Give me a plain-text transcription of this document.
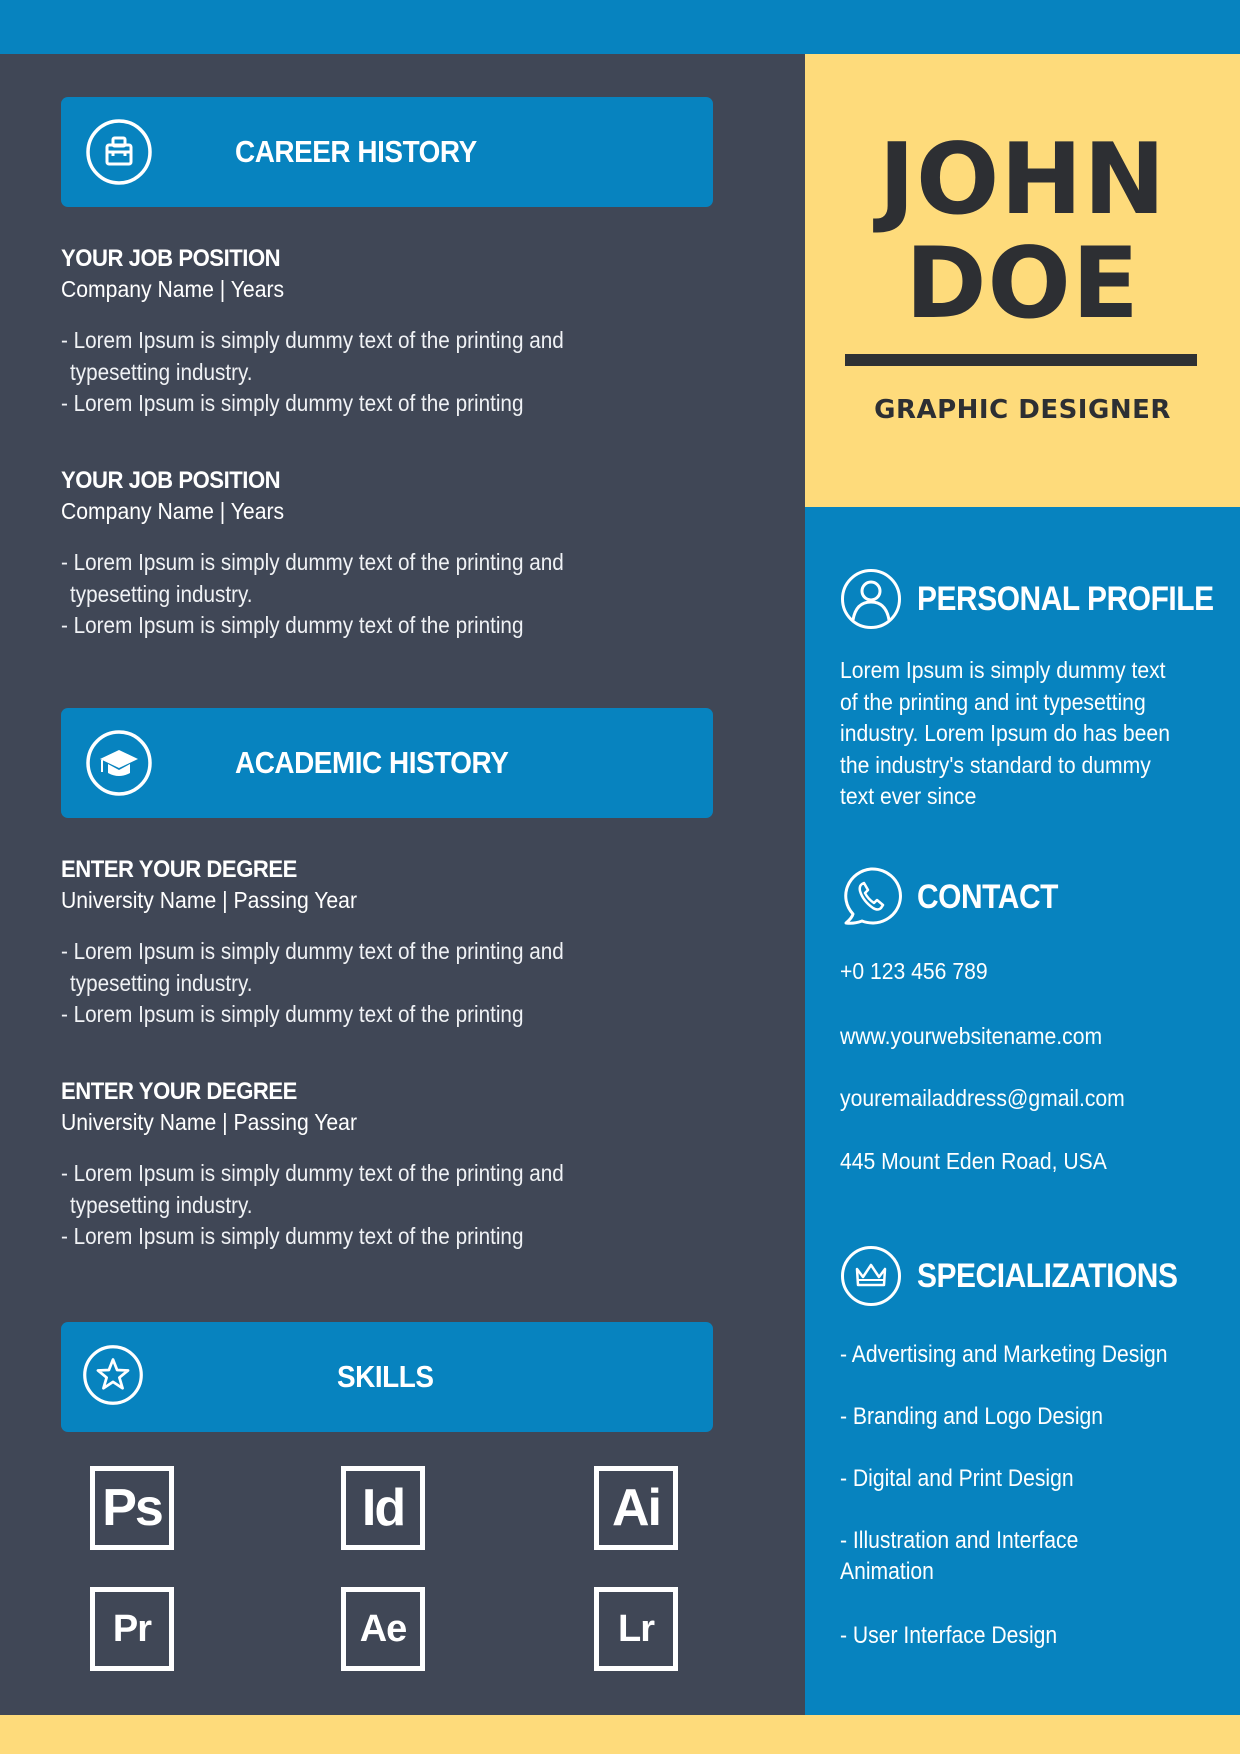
CAREER HISTORY
YOUR JOB POSITION
Company Name | Years
- Lorem Ipsum is simply dummy text of the printing and
typesetting industry.
- Lorem Ipsum is simply dummy text of the printing
YOUR JOB POSITION
Company Name | Years
- Lorem Ipsum is simply dummy text of the printing and
typesetting industry.
- Lorem Ipsum is simply dummy text of the printing
ACADEMIC HISTORY
ENTER YOUR DEGREE
University Name | Passing Year
- Lorem Ipsum is simply dummy text of the printing and
typesetting industry.
- Lorem Ipsum is simply dummy text of the printing
ENTER YOUR DEGREE
University Name | Passing Year
- Lorem Ipsum is simply dummy text of the printing and
typesetting industry.
- Lorem Ipsum is simply dummy text of the printing
SKILLS
Ps	Id	Ai
Pr	Ae	Lr
JOHN
DOE
GRAPHIC DESIGNER
PERSONAL PROFILE
Lorem Ipsum is simply dummy text
of the printing and int typesetting
industry. Lorem Ipsum do has been
the industry's standard to dummy
text ever since
CONTACT
+0 123 456 789
www.yourwebsitename.com
youremailaddress@gmail.com
445 Mount Eden Road, USA
SPECIALIZATIONS
- Advertising and Marketing Design
- Branding and Logo Design
- Digital and Print Design
- Illustration and Interface
Animation
- User Interface Design
